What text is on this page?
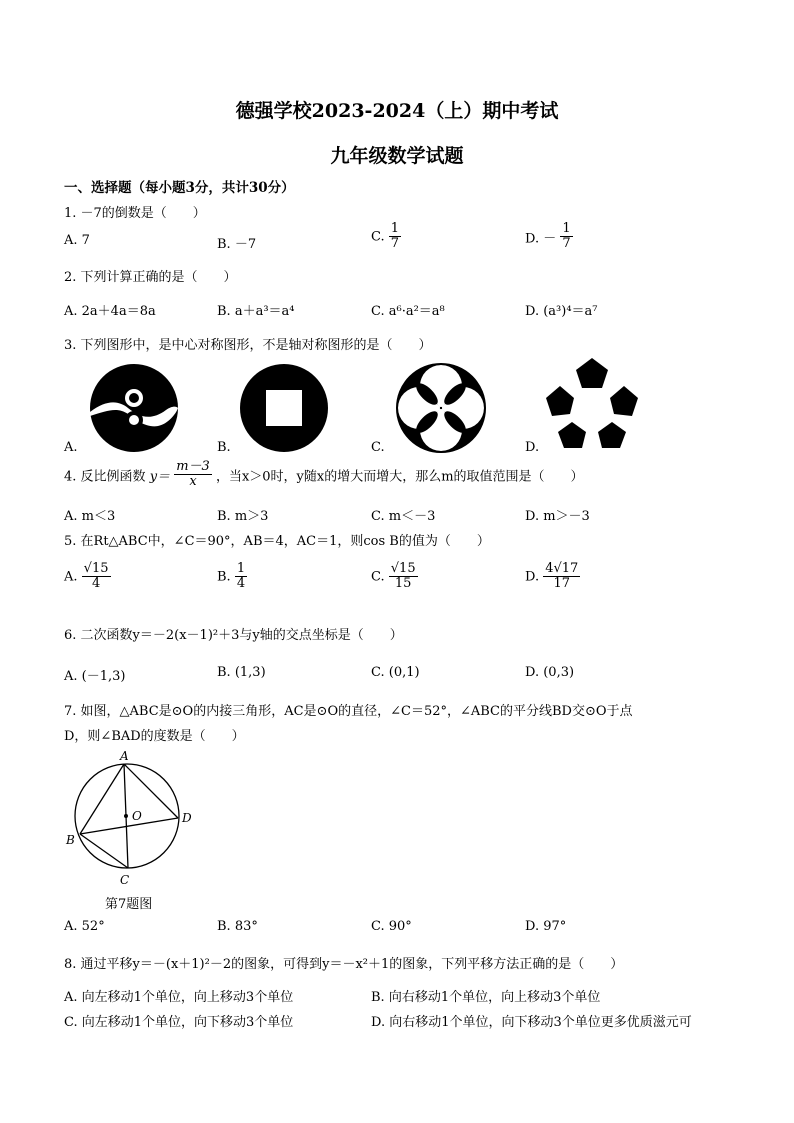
德强学校2023-2024（上）期中考试
九年级数学试题
一、选择题（每小题3分，共计30分）
1. －7的倒数是（　　）
A. 7	B. －7
C. $\frac{1}{7}$	D. － $\frac{1}{7}$
2. 下列计算正确的是（　　）
A. 2a＋4a＝8a	B. a＋a³＝a⁴	C. a⁶·a²＝a⁸	D. (a³)⁴＝a⁷
3. 下列图形中，是中心对称图形，不是轴对称图形的是（　　）
A.	B.	C.	D.
4. 反比例函数 $y= \frac{m-3}{x}$ ，当x＞0时，y随x的增大而增大，那么m的取值范围是（　　）
A. m＜3	B. m＞3	C. m＜－3	D. m＞－3
5. 在Rt△ABC中，∠C＝90°，AB＝4，AC＝1，则cos B的值为（　　）
A. $\frac{√15}{4}$	B. $\frac{1}{4}$	C. $\frac{√15}{15}$	D. $\frac{4√17}{17}$
6. 二次函数y＝－2(x－1)²＋3与y轴的交点坐标是（　　）
A. (－1,3)	B. (1,3)	C. (0,1)	D. (0,3)
7. 如图，△ABC是⊙O的内接三角形，AC是⊙O的直径，∠C＝52°，∠ABC的平分线BD交⊙O于点
D，则∠BAD的度数是（　　）
A
B
C
D
O
第7题图
A. 52°	B. 83°	C. 90°	D. 97°
8. 通过平移y＝－(x＋1)²－2的图象，可得到y＝－x²＋1的图象，下列平移方法正确的是（　　）
A. 向左移动1个单位，向上移动3个单位	B. 向右移动1个单位，向上移动3个单位
C. 向左移动1个单位，向下移动3个单位	D. 向右移动1个单位，向下移动3个单位更多优质滋元可
